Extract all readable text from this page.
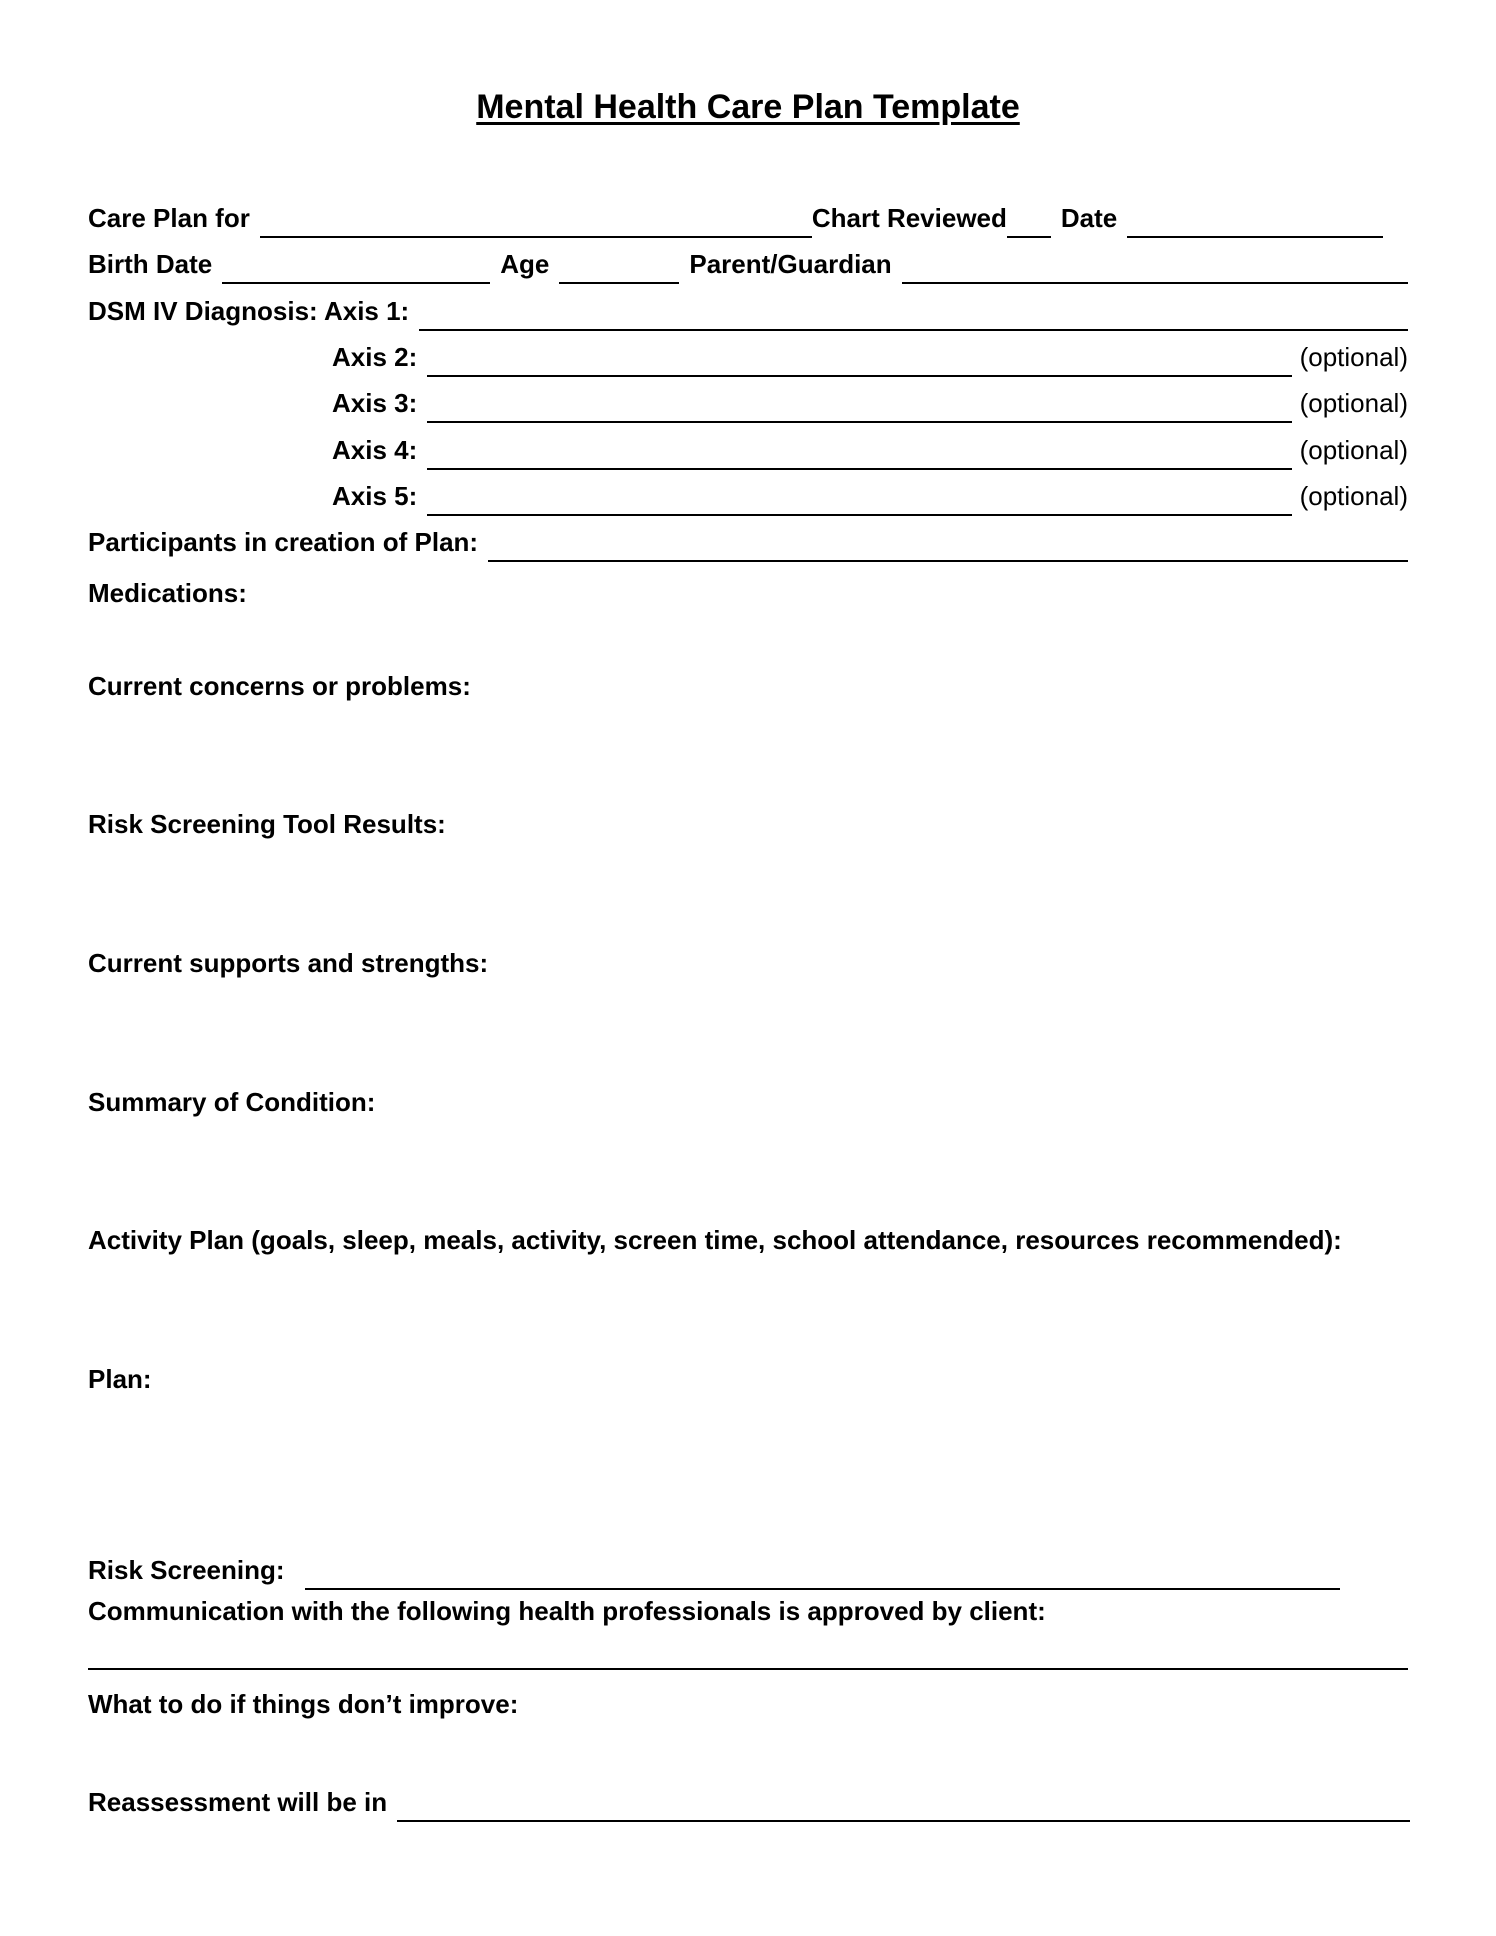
Mental Health Care Plan Template
Care Plan for	Chart Reviewed Date
Birth Date	Age	Parent/Guardian
DSM IV Diagnosis: Axis 1:
Axis 2:	(optional)
Axis 3:	(optional)
Axis 4:	(optional)
Axis 5:	(optional)
Participants in creation of Plan:
Medications:
Current concerns or problems:
Risk Screening Tool Results:
Current supports and strengths:
Summary of Condition:
Activity Plan (goals, sleep, meals, activity, screen time, school attendance, resources recommended):
Plan:
Risk Screening:
Communication with the following health professionals is approved by client:
What to do if things don’t improve:
Reassessment will be in
